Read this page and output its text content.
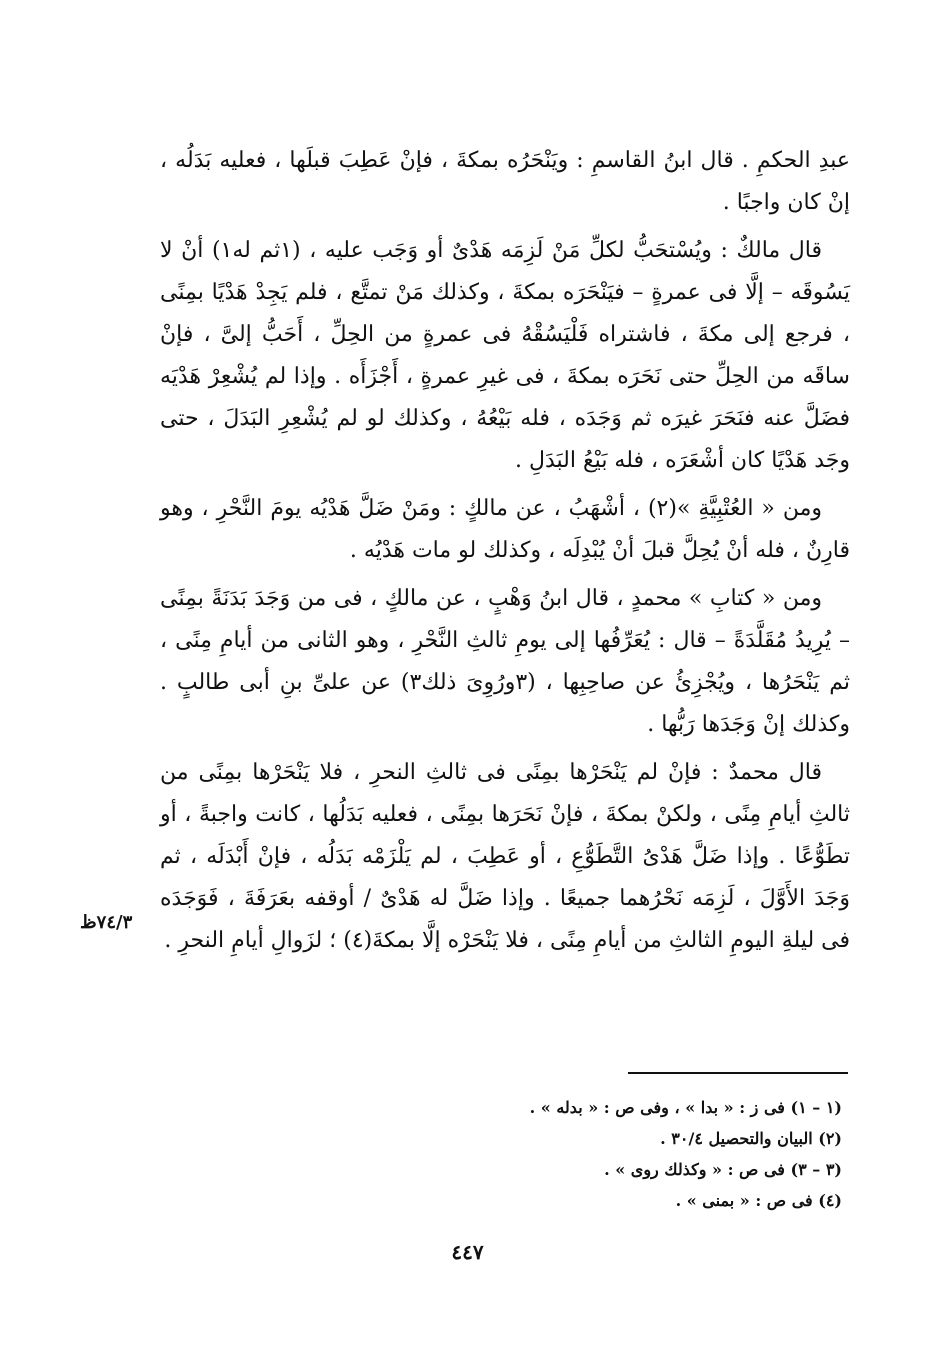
عبدِ الحكمِ . قال ابنُ القاسمِ : ويَنْحَرُه بمكةَ ، فإنْ عَطِبَ قبلَها ، فعليه بَدَلُه ، إنْ كان واجبًا .

قال مالكٌ : ويُسْتحَبُّ لكلِّ مَنْ لَزِمَه هَدْىٌ أو وَجَب عليه ، (١ثم له١) أنْ لا يَسُوقَه – إلَّا فى عمرةٍ – فيَنْحَرَه بمكةَ ، وكذلك مَنْ تمتَّع ، فلم يَجِدْ هَدْيًا بمِنًى ، فرجع إلى مكةَ ، فاشتراه فَلْيَسُقْهُ فى عمرةٍ من الحِلِّ ، أَحَبُّ إلىَّ ، فإنْ ساقَه من الحِلِّ حتى نَحَرَه بمكةَ ، فى غيرِ عمرةٍ ، أَجْزَأَه . وإذا لم يُشْعِرْ هَدْيَه فضَلَّ عنه فنَحَرَ غيرَه ثم وَجَدَه ، فله بَيْعُهُ ، وكذلك لو لم يُشْعِرِ البَدَلَ ، حتى وجَد هَدْيًا كان أشْعَرَه ، فله بَيْعُ البَدَلِ .

ومن « العُتْبِيَّةِ »(٢) ، أشْهَبُ ، عن مالكٍ : ومَنْ ضَلَّ هَدْيُه يومَ النَّحْرِ ، وهو قارِنٌ ، فله أنْ يُحِلَّ قبلَ أنْ يُبْدِلَه ، وكذلك لو مات هَدْيُه .

ومن « كتابِ » محمدٍ ، قال ابنُ وَهْبٍ ، عن مالكٍ ، فى من وَجَدَ بَدَنَةً بمِنًى – يُرِيدُ مُقَلَّدَةً – قال : يُعَرِّفُها إلى يومِ ثالثِ النَّحْرِ ، وهو الثانى من أيامِ مِنًى ، ثم يَنْحَرُها ، ويُجْزِئُ عن صاحِبِها ، (٣ورُوِىَ ذلك٣) عن علىِّ بنِ أبى طالبٍ . وكذلك إنْ وَجَدَها رَبُّها .

قال محمدٌ : فإنْ لم يَنْحَرْها بمِنًى فى ثالثِ النحرِ ، فلا يَنْحَرْها بمِنًى من ثالثِ أيامِ مِنًى ، ولكنْ بمكةَ ، فإنْ نَحَرَها بمِنًى ، فعليه بَدَلُها ، كانت واجبةً ، أو تطَوُّعًا . وإذا ضَلَّ هَدْىُ التَّطَوُّعِ ، أو عَطِبَ ، لم يَلْزَمْه بَدَلُه ، فإنْ أَبْدَلَه ، ثم وَجَدَ الأَوَّلَ ، لَزِمَه نَحْرُهما جميعًا . وإذا ضَلَّ له هَدْىٌ / أوقفه بعَرَفَةَ ، فَوَجَدَه فى ليلةِ اليومِ الثالثِ من أيامِ مِنًى ، فلا يَنْحَرْه إلَّا بمكةَ(٤) ؛ لزَوالِ أيامِ النحرِ .

٧٤/٣ظ
(١ – ١) فى ز : « بدا » ، وفى ص : « بدله » .
(٢) البيان والتحصيل ٣٠/٤ .
(٣ – ٣) فى ص : « وكذلك روى » .
(٤) فى ص : « بمنى » .
٤٤٧
